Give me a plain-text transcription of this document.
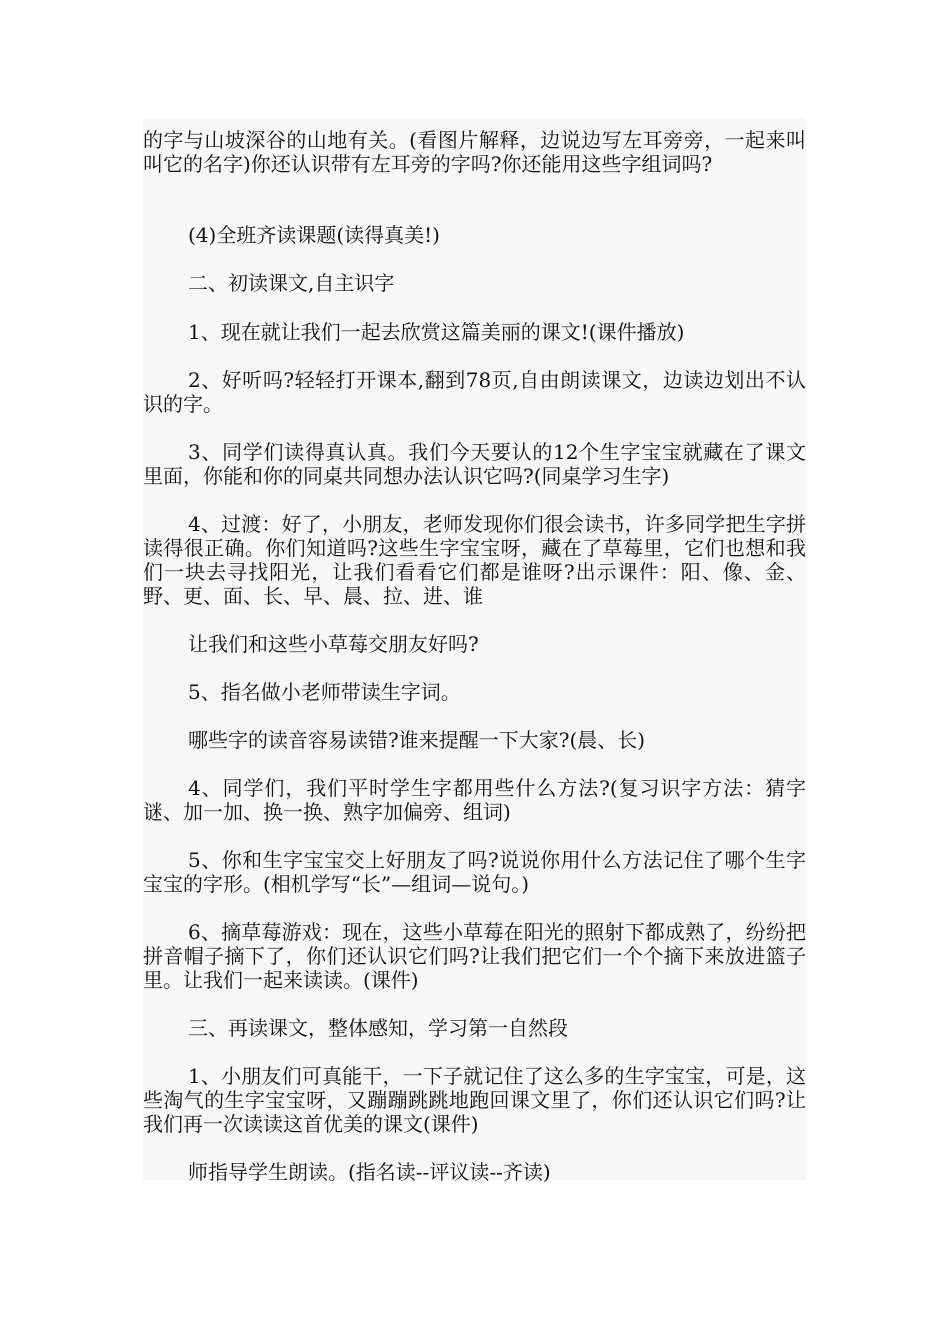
的字与山坡深谷的山地有关。(看图片解释，边说边写左耳旁旁，一起来叫叫它的名字)你还认识带有左耳旁的字吗?你还能用这些字组词吗?

(4)全班齐读课题(读得真美!)

二、初读课文,自主识字

1、现在就让我们一起去欣赏这篇美丽的课文!(课件播放)

2、好听吗?轻轻打开课本,翻到78页,自由朗读课文，边读边划出不认识的字。

3、同学们读得真认真。我们今天要认的12个生字宝宝就藏在了课文里面，你能和你的同桌共同想办法认识它吗?(同桌学习生字)

4、过渡：好了，小朋友，老师发现你们很会读书，许多同学把生字拼读得很正确。你们知道吗?这些生字宝宝呀，藏在了草莓里，它们也想和我们一块去寻找阳光，让我们看看它们都是谁呀?出示课件：阳、像、金、野、更、面、长、早、晨、拉、进、谁

让我们和这些小草莓交朋友好吗?

5、指名做小老师带读生字词。

哪些字的读音容易读错?谁来提醒一下大家?(晨、长)

4、同学们，我们平时学生字都用些什么方法?(复习识字方法：猜字谜、加一加、换一换、熟字加偏旁、组词)

5、你和生字宝宝交上好朋友了吗?说说你用什么方法记住了哪个生字宝宝的字形。(相机学写“长”—组词—说句。)

6、摘草莓游戏：现在，这些小草莓在阳光的照射下都成熟了，纷纷把拼音帽子摘下了，你们还认识它们吗?让我们把它们一个个摘下来放进篮子里。让我们一起来读读。(课件)

三、再读课文，整体感知，学习第一自然段

1、小朋友们可真能干，一下子就记住了这么多的生字宝宝，可是，这些淘气的生字宝宝呀，又蹦蹦跳跳地跑回课文里了，你们还认识它们吗?让我们再一次读读这首优美的课文(课件)

师指导学生朗读。(指名读--评议读--齐读)
